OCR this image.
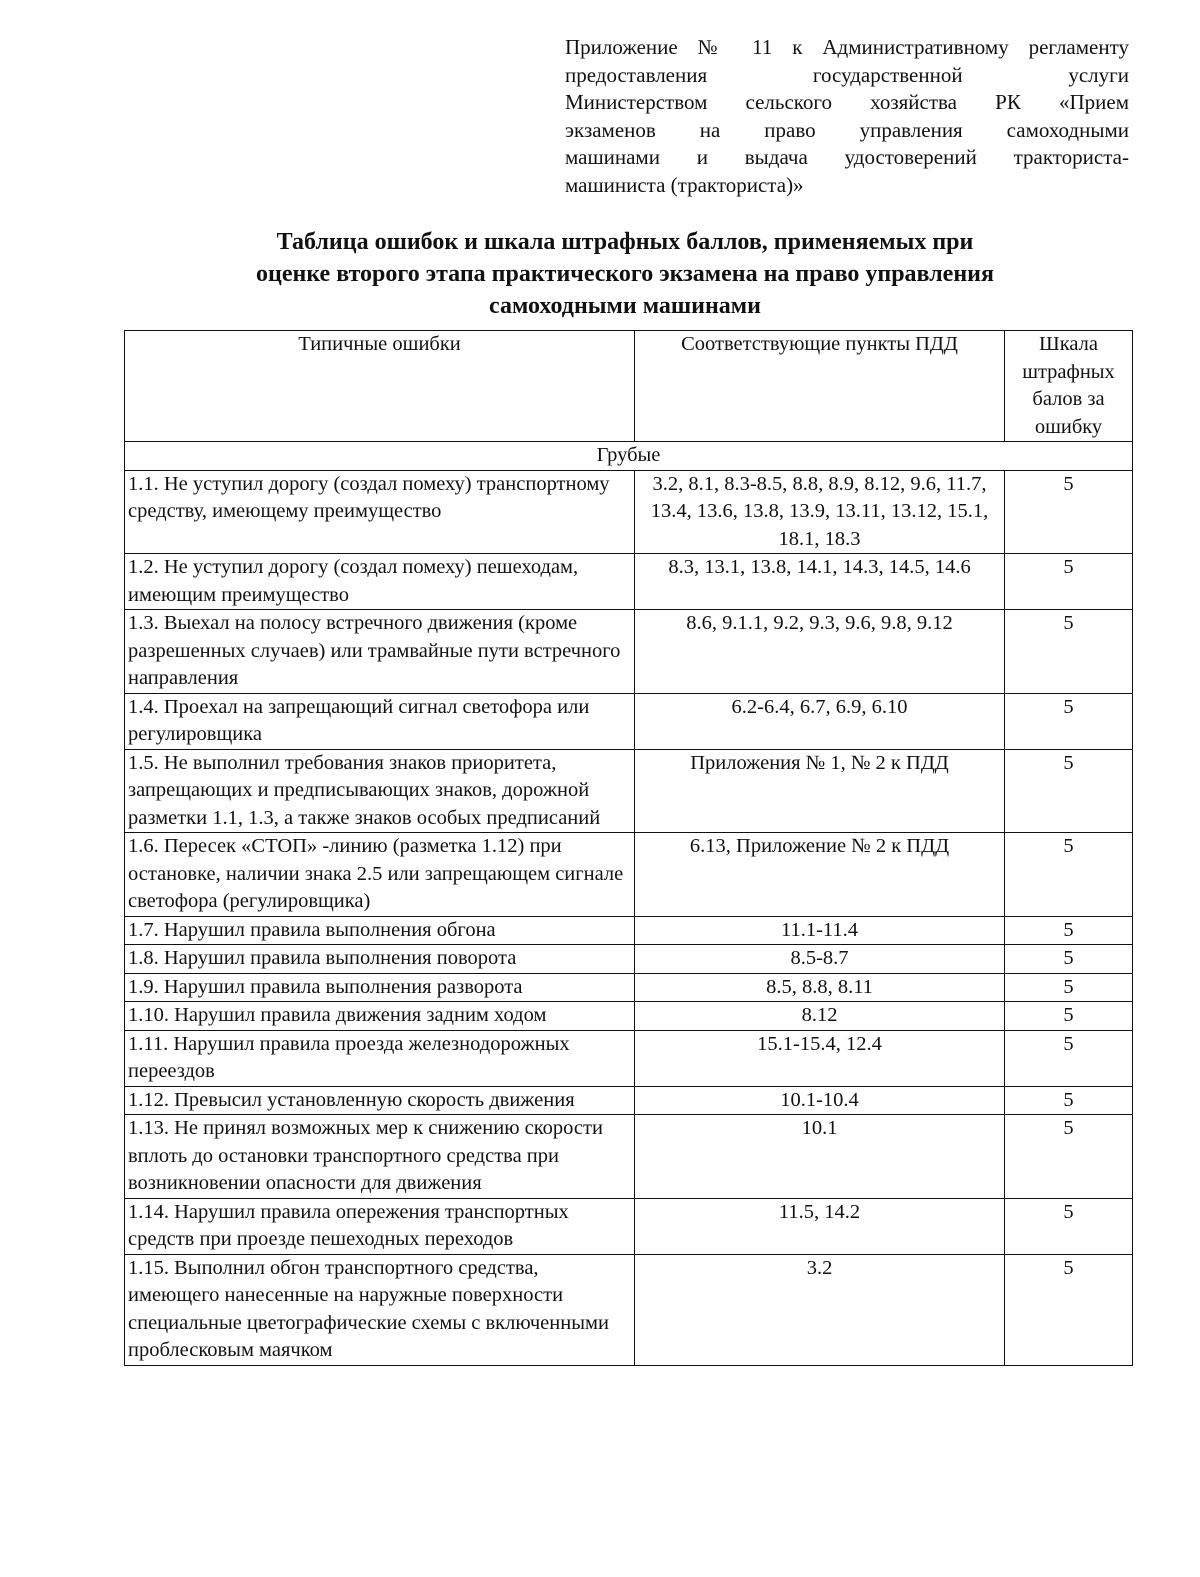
Приложение № 11 к Административному регламенту
предоставления государственной услуги
Министерством сельского хозяйства РК «Прием
экзаменов на право управления самоходными
машинами и выдача удостоверений тракториста-
машиниста (тракториста)»
Таблица ошибок и шкала штрафных баллов, применяемых при
оценке второго этапа практического экзамена на право управления
самоходными машинами
Типичные ошибки	Соответствующие пункты ПДД	Шкала штрафных балов за ошибку
Грубые		
1.1. Не уступил дорогу (создал помеху) транспортному средству, имеющему преимущество	3.2, 8.1, 8.3-8.5, 8.8, 8.9, 8.12, 9.6, 11.7, 13.4, 13.6, 13.8, 13.9, 13.11, 13.12, 15.1, 18.1, 18.3	5
1.2. Не уступил дорогу (создал помеху) пешеходам, имеющим преимущество	8.3, 13.1, 13.8, 14.1, 14.3, 14.5, 14.6	5
1.3. Выехал на полосу встречного движения (кроме разрешенных случаев) или трамвайные пути встречного направления	8.6, 9.1.1, 9.2, 9.3, 9.6, 9.8, 9.12	5
1.4. Проехал на запрещающий сигнал светофора или регулировщика	6.2-6.4, 6.7, 6.9, 6.10	5
1.5. Не выполнил требования знаков приоритета, запрещающих и предписывающих знаков, дорожной разметки 1.1, 1.3, а также знаков особых предписаний	Приложения № 1, № 2 к ПДД	5
1.6. Пересек «СТОП» -линию (разметка 1.12) при остановке, наличии знака 2.5 или запрещающем сигнале светофора (регулировщика)	6.13, Приложение № 2 к ПДД	5
1.7. Нарушил правила выполнения обгона	11.1-11.4	5
1.8. Нарушил правила выполнения поворота	8.5-8.7	5
1.9. Нарушил правила выполнения разворота	8.5, 8.8, 8.11	5
1.10. Нарушил правила движения задним ходом	8.12	5
1.11. Нарушил правила проезда железнодорожных переездов	15.1-15.4, 12.4	5
1.12. Превысил установленную скорость движения	10.1-10.4	5
1.13. Не принял возможных мер к снижению скорости вплоть до остановки транспортного средства при возникновении опасности для движения	10.1	5
1.14. Нарушил правила опережения транспортных средств при проезде пешеходных переходов	11.5, 14.2	5
1.15. Выполнил обгон транспортного средства, имеющего нанесенные на наружные поверхности специальные цветографические схемы с включенными проблесковым маячком	3.2	5
